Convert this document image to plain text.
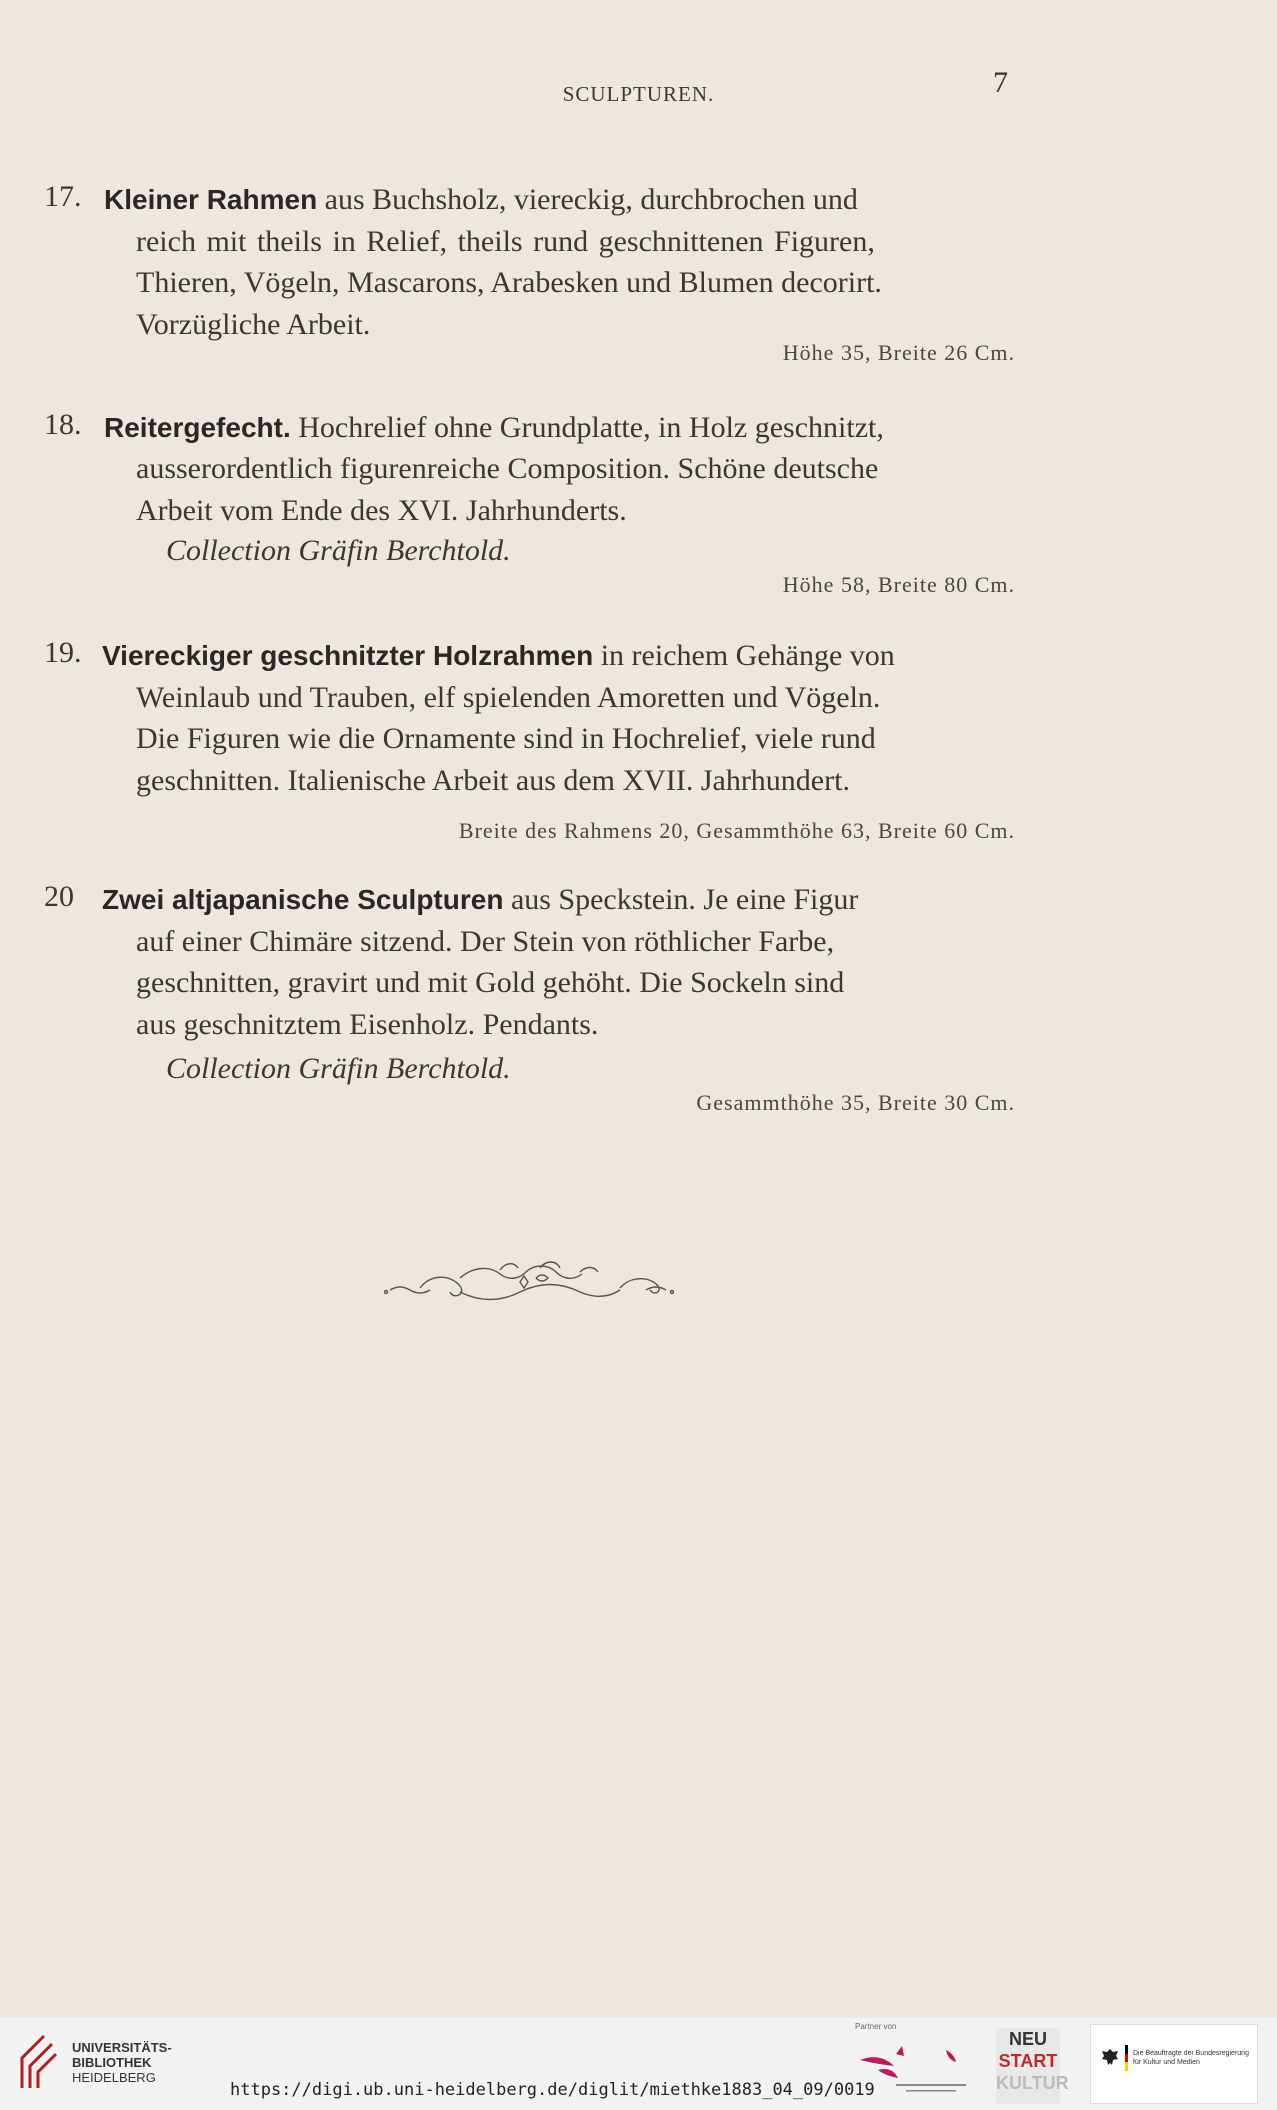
SCULPTUREN.	7
17. Kleiner Rahmen aus Buchsholz, viereckig, durchbrochen und
reich mit theils in Relief, theils rund geschnittenen Figuren,
Thieren, Vögeln, Mascarons, Arabesken und Blumen decorirt.
Vorzügliche Arbeit.
Höhe 35, Breite 26 Cm.
18. Reitergefecht. Hochrelief ohne Grundplatte, in Holz geschnitzt,
ausserordentlich figurenreiche Composition. Schöne deutsche
Arbeit vom Ende des XVI. Jahrhunderts.
Collection Gräfin Berchtold.
Höhe 58, Breite 80 Cm.
19. Viereckiger geschnitzter Holzrahmen in reichem Gehänge von
Weinlaub und Trauben, elf spielenden Amoretten und Vögeln.
Die Figuren wie die Ornamente sind in Hochrelief, viele rund
geschnitten. Italienische Arbeit aus dem XVII. Jahrhundert.
Breite des Rahmens 20, Gesammthöhe 63, Breite 60 Cm.
20 Zwei altjapanische Sculpturen aus Speckstein. Je eine Figur
auf einer Chimäre sitzend. Der Stein von röthlicher Farbe,
geschnitten, gravirt und mit Gold gehöht. Die Sockeln sind
aus geschnitztem Eisenholz. Pendants.
Collection Gräfin Berchtold.
Gesammthöhe 35, Breite 30 Cm.
UNIVERSITÄTS-
BIBLIOTHEK
HEIDELBERG
https://digi.ub.uni-heidelberg.de/diglit/miethke1883_04_09/0019
Partner von
NEU
START
KULTUR
Die Beauftragte der Bundesregierung
für Kultur und Medien
